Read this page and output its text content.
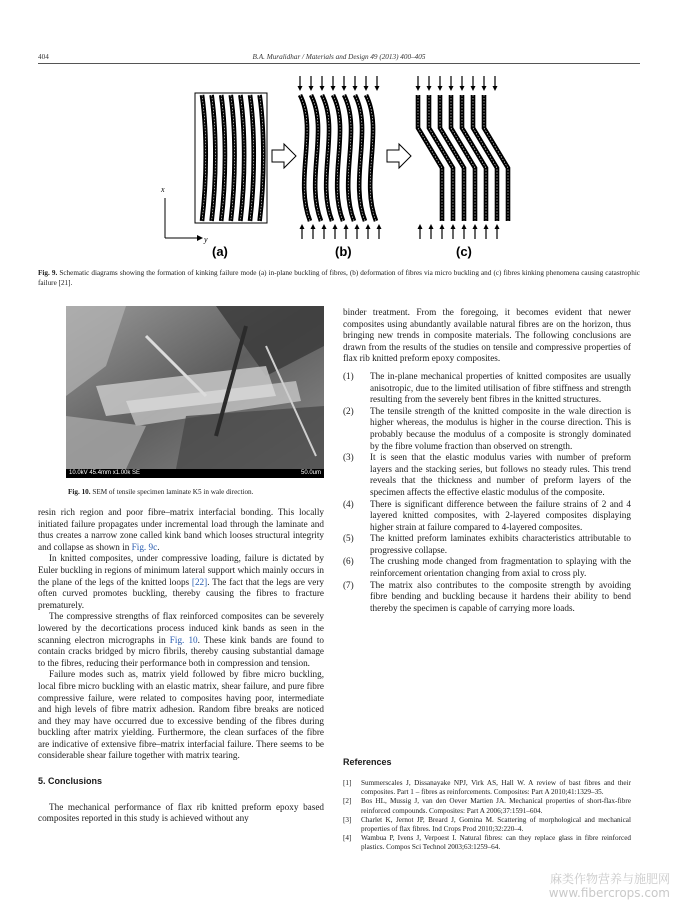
404	B.A. Muralidhar / Materials and Design 49 (2013) 400–405
x
y
(a)	(b)	(c)
Fig. 9. Schematic diagrams showing the formation of kinking failure mode (a) in-plane buckling of fibres, (b) deformation of fibres via micro buckling and (c) fibres kinking phenomena causing catastrophic failure [21].
10.0kV 45.4mm x1.00k SE	50.0um
Fig. 10. SEM of tensile specimen laminate K5 in wale direction.

resin rich region and poor fibre–matrix interfacial bonding. This locally initiated failure propagates under incremental load through the laminate and thus creates a narrow zone called kink band which looses structural integrity and collapse as shown in Fig. 9c.

In knitted composites, under compressive loading, failure is dictated by Euler buckling in regions of minimum lateral support which mainly occurs in the plane of the legs of the knitted loops [22]. The fact that the legs are very often curved promotes buckling, thereby causing the fibres to fracture prematurely.

The compressive strengths of flax reinforced composites can be severely lowered by the decortications process induced kink bands as seen in the scanning electron micrographs in Fig. 10. These kink bands are found to contain cracks bridged by micro fibrils, thereby causing substantial damage to the fibres, reducing their performance both in compression and tension.

Failure modes such as, matrix yield followed by fibre micro buckling, local fibre micro buckling with an elastic matrix, shear failure, and pure fibre compressive failure, were related to composites having poor, intermediate and high levels of fibre matrix adhesion. Random fibre breaks are noticed and they may have occurred due to excessive bending of the fibres during buckling after matrix yielding. Furthermore, the clean surfaces of the fibre are indicative of extensive fibre–matrix interfacial failure. There seems to be considerable shear failure together with matrix tearing.

5. Conclusions

The mechanical performance of flax rib knitted preform epoxy based composites reported in this study is achieved without any

binder treatment. From the foregoing, it becomes evident that newer composites using abundantly available natural fibres are on the horizon, thus bringing new trends in composite materials. The following conclusions are drawn from the results of the studies on tensile and compressive properties of flax rib knitted preform epoxy composites.

(1)	The in-plane mechanical properties of knitted composites are usually anisotropic, due to the limited utilisation of fibre stiffness and strength resulting from the severely bent fibres in the knitted structures.
(2)	The tensile strength of the knitted composite in the wale direction is higher whereas, the modulus is higher in the course direction. This is probably because the modulus of a composite is strongly dominated by the fibre volume fraction than observed on strength.
(3)	It is seen that the elastic modulus varies with number of preform layers and the stacking series, but follows no steady rules. This trend reveals that the thickness and number of preform layers of the specimen affects the effective elastic modulus of the composite.
(4)	There is significant difference between the failure strains of 2 and 4 layered knitted composites, with 2-layered composites displaying higher strain at failure compared to 4-layered composites.
(5)	The knitted preform laminates exhibits characteristics attributable to progressive collapse.
(6)	The crushing mode changed from fragmentation to splaying with the reinforcement orientation changing from axial to cross ply.
(7)	The matrix also contributes to the composite strength by avoiding fibre bending and buckling because it hardens their ability to bend thereby the specimen is capable of carrying more loads.
References
[1]	Summerscales J, Dissanayake NPJ, Virk AS, Hall W. A review of bast fibres and their composites. Part 1 – fibres as reinforcements. Composites: Part A 2010;41:1329–35.
[2]	Bos HL, Mussig J, van den Oever Martien JA. Mechanical properties of short-flax-fibre reinforced compounds. Composites: Part A 2006;37:1591–604.
[3]	Charlet K, Jernot JP, Breard J, Gomina M. Scattering of morphological and mechanical properties of flax fibres. Ind Crops Prod 2010;32:220–4.
[4]	Wambua P, Ivens J, Verpoest I. Natural fibres: can they replace glass in fibre reinforced plastics. Compos Sci Technol 2003;63:1259–64.
麻类作物营养与施肥网
www.fibercrops.com
